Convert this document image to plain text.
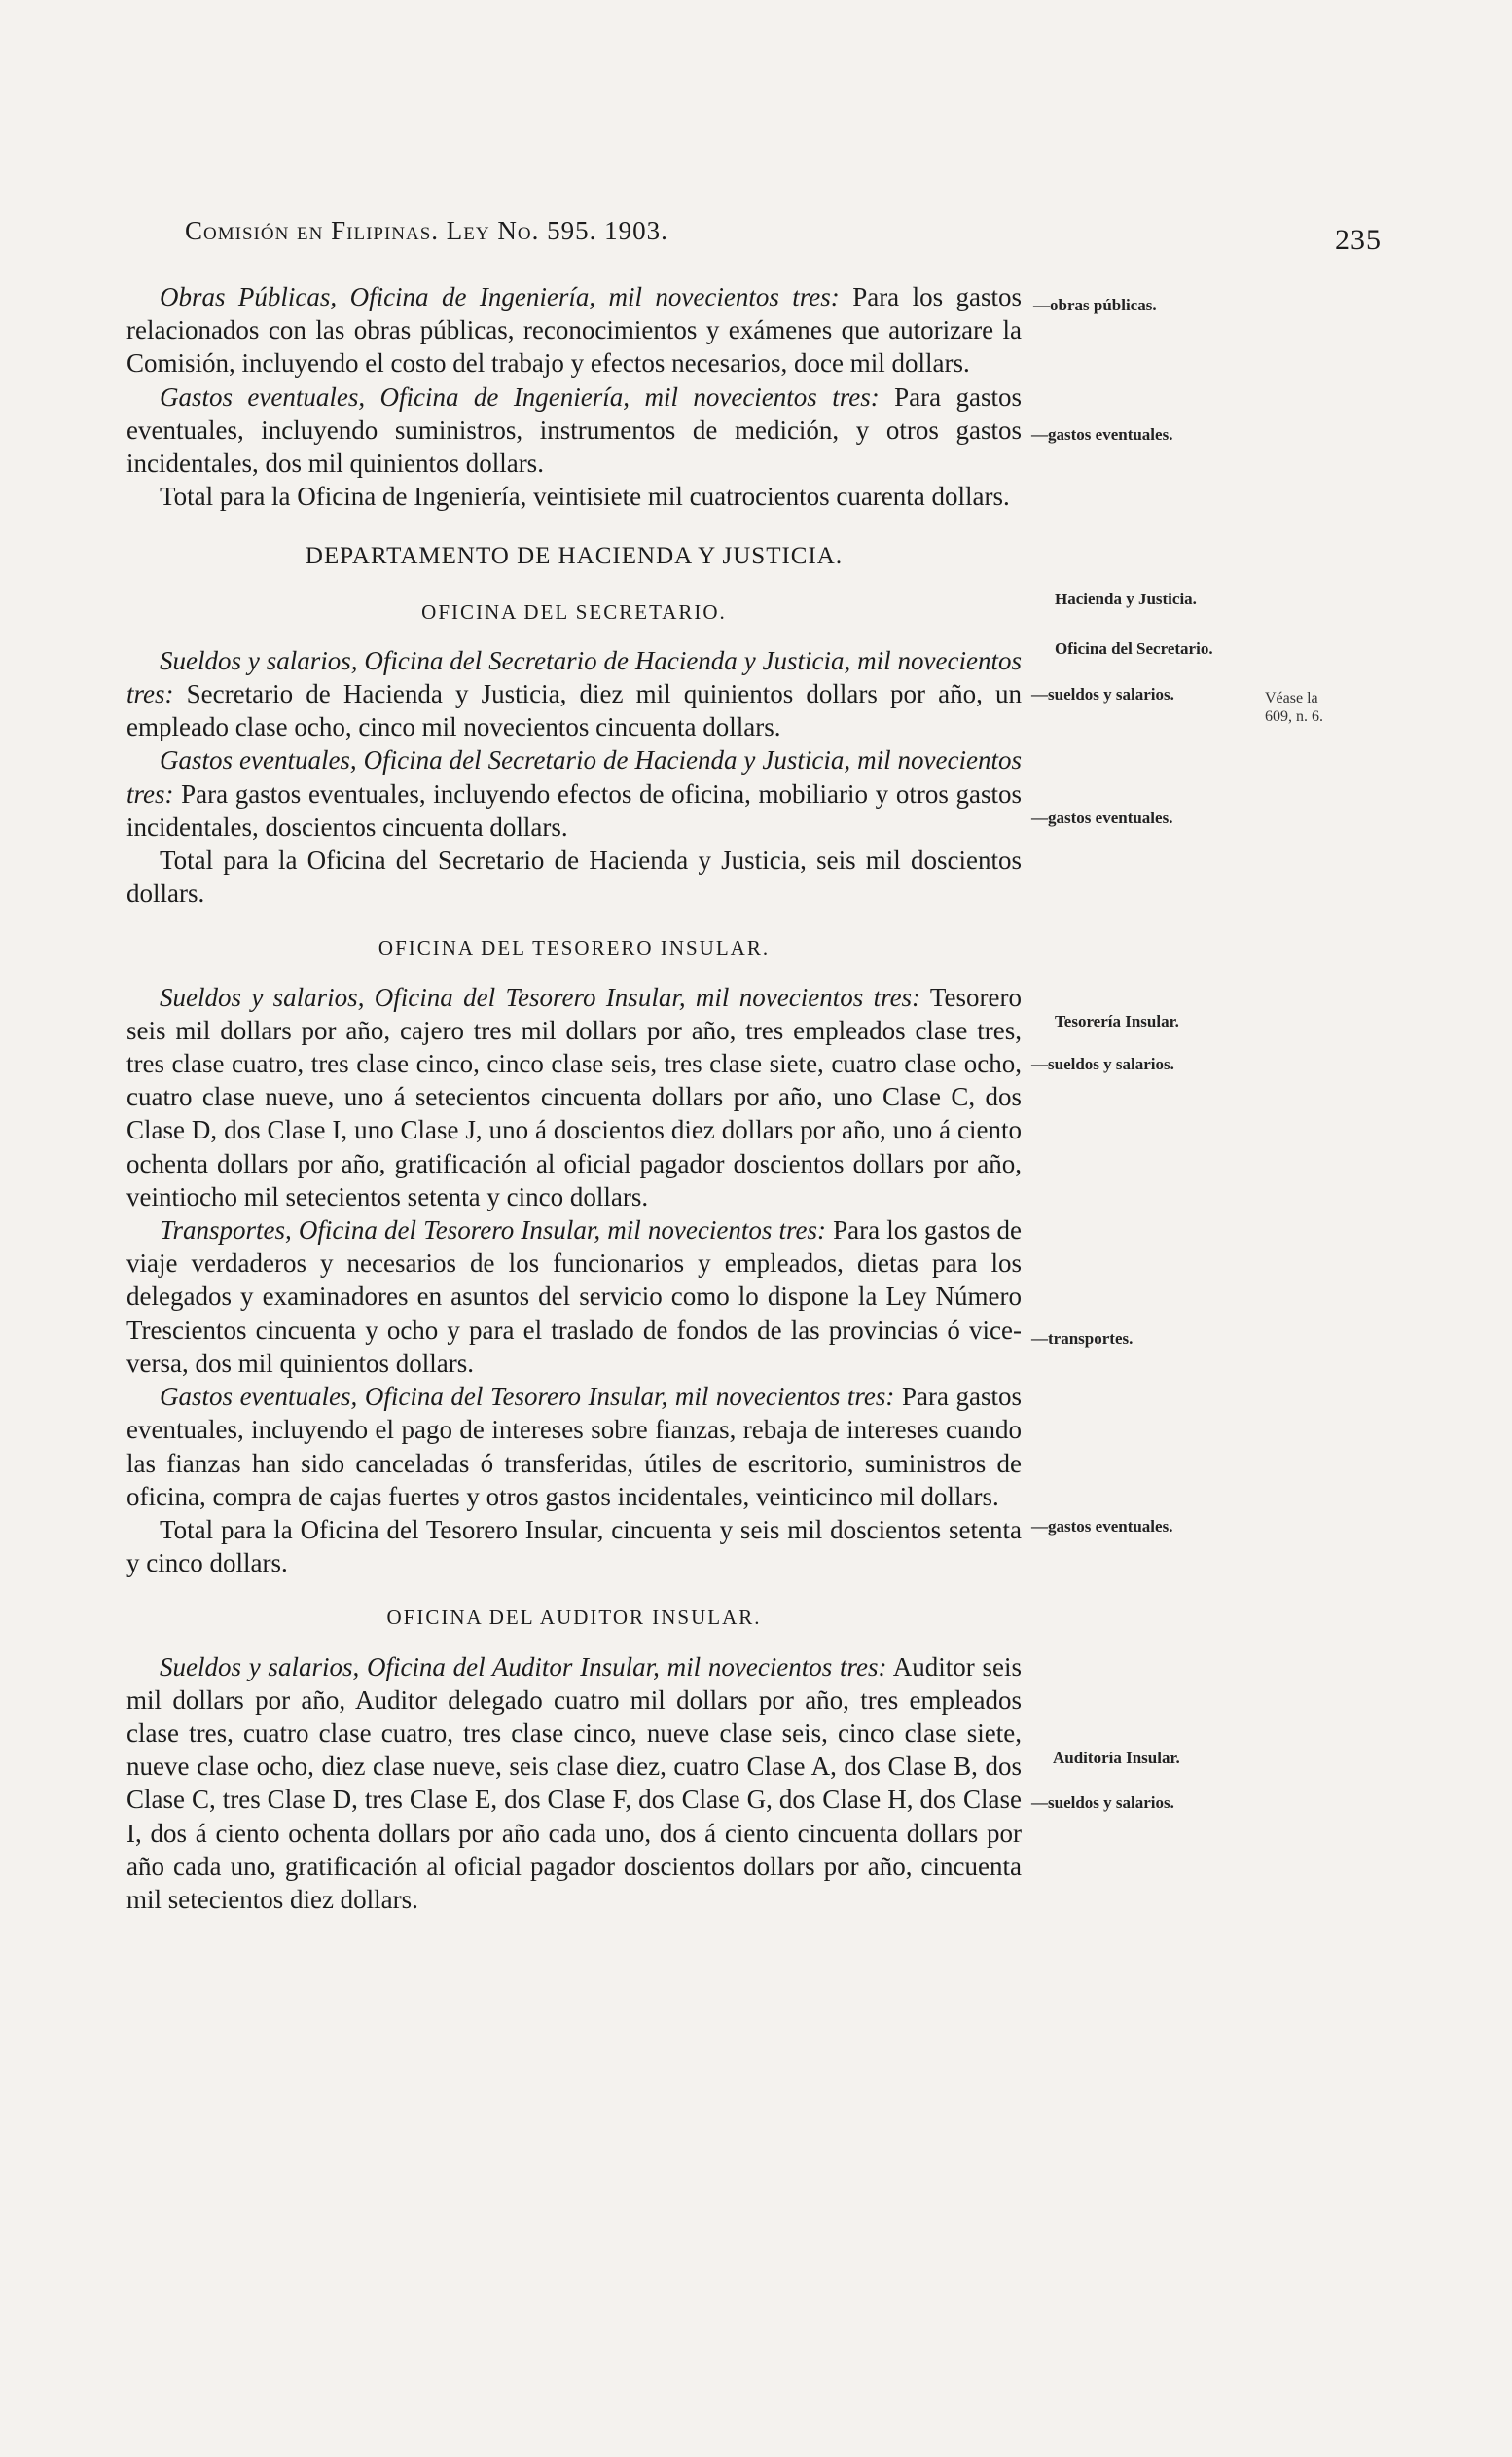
Comisión en Filipinas. Ley No. 595. 1903.	235

Obras Públicas, Oficina de Ingeniería, mil novecientos tres: Para los gastos relacionados con las obras públicas, reconocimientos y exámenes que autorizare la Comisión, incluyendo el costo del trabajo y efectos necesarios, doce mil dollars.

Gastos eventuales, Oficina de Ingeniería, mil novecientos tres: Para gastos eventuales, incluyendo suministros, instrumentos de medición, y otros gastos incidentales, dos mil quinientos dollars.

Total para la Oficina de Ingeniería, veintisiete mil cuatrocientos cuarenta dollars.

DEPARTAMENTO DE HACIENDA Y JUSTICIA.

OFICINA DEL SECRETARIO.

Sueldos y salarios, Oficina del Secretario de Hacienda y Justicia, mil novecientos tres: Secretario de Hacienda y Justicia, diez mil quinientos dollars por año, un empleado clase ocho, cinco mil novecientos cincuenta dollars.

Gastos eventuales, Oficina del Secretario de Hacienda y Justicia, mil novecientos tres: Para gastos eventuales, incluyendo efectos de oficina, mobiliario y otros gastos incidentales, doscientos cincuenta dollars.

Total para la Oficina del Secretario de Hacienda y Justicia, seis mil doscientos dollars.

OFICINA DEL TESORERO INSULAR.

Sueldos y salarios, Oficina del Tesorero Insular, mil novecientos tres: Tesorero seis mil dollars por año, cajero tres mil dollars por año, tres empleados clase tres, tres clase cuatro, tres clase cinco, cinco clase seis, tres clase siete, cuatro clase ocho, cuatro clase nueve, uno á setecientos cincuenta dollars por año, uno Clase C, dos Clase D, dos Clase I, uno Clase J, uno á doscientos diez dollars por año, uno á ciento ochenta dollars por año, gratificación al oficial pagador doscientos dollars por año, veintiocho mil setecientos setenta y cinco dollars.

Transportes, Oficina del Tesorero Insular, mil novecientos tres: Para los gastos de viaje verdaderos y necesarios de los funcionarios y empleados, dietas para los delegados y examinadores en asuntos del servicio como lo dispone la Ley Número Trescientos cincuenta y ocho y para el traslado de fondos de las provincias ó vice-versa, dos mil quinientos dollars.

Gastos eventuales, Oficina del Tesorero Insular, mil novecientos tres: Para gastos eventuales, incluyendo el pago de intereses sobre fianzas, rebaja de intereses cuando las fianzas han sido canceladas ó transferidas, útiles de escritorio, suministros de oficina, compra de cajas fuertes y otros gastos incidentales, veinticinco mil dollars.

Total para la Oficina del Tesorero Insular, cincuenta y seis mil doscientos setenta y cinco dollars.

OFICINA DEL AUDITOR INSULAR.

Sueldos y salarios, Oficina del Auditor Insular, mil novecientos tres: Auditor seis mil dollars por año, Auditor delegado cuatro mil dollars por año, tres empleados clase tres, cuatro clase cuatro, tres clase cinco, nueve clase seis, cinco clase siete, nueve clase ocho, diez clase nueve, seis clase diez, cuatro Clase A, dos Clase B, dos Clase C, tres Clase D, tres Clase E, dos Clase F, dos Clase G, dos Clase H, dos Clase I, dos á ciento ochenta dollars por año cada uno, dos á ciento cincuenta dollars por año cada uno, gratificación al oficial pagador doscientos dollars por año, cincuenta mil setecientos diez dollars.

—obras públicas.
—gastos eventuales.
Hacienda y Justicia.
Oficina del Secretario.
—sueldos y salarios.
—gastos eventuales.
Tesorería Insular.
—sueldos y salarios.
—transportes.
—gastos eventuales.
Auditoría Insular.
—sueldos y salarios.
Véase la 609, n. 6.
